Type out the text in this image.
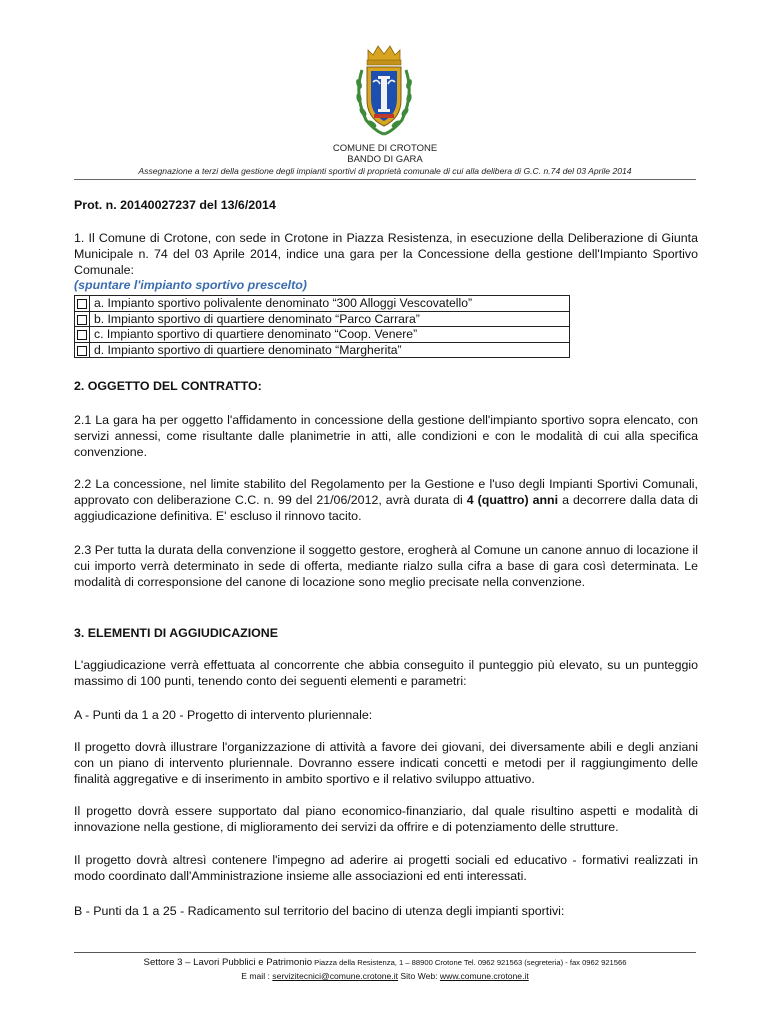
COMUNE DI CROTONE
BANDO DI GARA
Assegnazione a terzi della gestione degli impianti sportivi di proprietà comunale di cui alla delibera di G.C. n.74 del 03 Aprile 2014
Prot. n. 20140027237 del 13/6/2014
1. Il Comune di Crotone, con sede in Crotone in Piazza Resistenza, in esecuzione della Deliberazione di Giunta Municipale n. 74 del 03 Aprile 2014, indice una gara per la Concessione della gestione dell'Impianto Sportivo Comunale:
(spuntare l'impianto sportivo prescelto)
	a. Impianto sportivo polivalente denominato “300 Alloggi Vescovatello”
	b. Impianto sportivo di quartiere denominato “Parco Carrara”
	c. Impianto sportivo di quartiere denominato “Coop. Venere”
	d. Impianto sportivo di quartiere denominato “Margherita”
2. OGGETTO DEL CONTRATTO:
2.1 La gara ha per oggetto l'affidamento in concessione della gestione dell'impianto sportivo sopra elencato, con servizi annessi, come risultante dalle planimetrie in atti, alle condizioni e con le modalità di cui alla specifica convenzione.
2.2 La concessione, nel limite stabilito del Regolamento per la Gestione e l'uso degli Impianti Sportivi Comunali, approvato con deliberazione C.C. n. 99 del 21/06/2012, avrà durata di 4 (quattro) anni a decorrere dalla data di aggiudicazione definitiva. E' escluso il rinnovo tacito.
2.3 Per tutta la durata della convenzione il soggetto gestore, erogherà al Comune un canone annuo di locazione il cui importo verrà determinato in sede di offerta, mediante rialzo sulla cifra a base di gara così determinata. Le modalità di corresponsione del canone di locazione sono meglio precisate nella convenzione.
3. ELEMENTI DI AGGIUDICAZIONE
L'aggiudicazione verrà effettuata al concorrente che abbia conseguito il punteggio più elevato, su un punteggio massimo di 100 punti, tenendo conto dei seguenti elementi e parametri:
A - Punti da 1 a 20 - Progetto di intervento pluriennale:
Il progetto dovrà illustrare l'organizzazione di attività a favore dei giovani, dei diversamente abili e degli anziani con un piano di intervento pluriennale. Dovranno essere indicati concetti e metodi per il raggiungimento delle finalità aggregative e di inserimento in ambito sportivo e il relativo sviluppo attuativo.
Il progetto dovrà essere supportato dal piano economico-finanziario, dal quale risultino aspetti e modalità di innovazione nella gestione, di miglioramento dei servizi da offrire e di potenziamento delle strutture.
Il progetto dovrà altresì contenere l'impegno ad aderire ai progetti sociali ed educativo - formativi realizzati in modo coordinato dall'Amministrazione insieme alle associazioni ed enti interessati.
B - Punti da 1 a 25 - Radicamento sul territorio del bacino di utenza degli impianti sportivi:
Settore 3 – Lavori Pubblici e Patrimonio Piazza della Resistenza, 1 – 88900 Crotone Tel. 0962 921563 (segreteria) - fax 0962 921566
E mail : servizitecnici@comune.crotone.it Sito Web: www.comune.crotone.it
